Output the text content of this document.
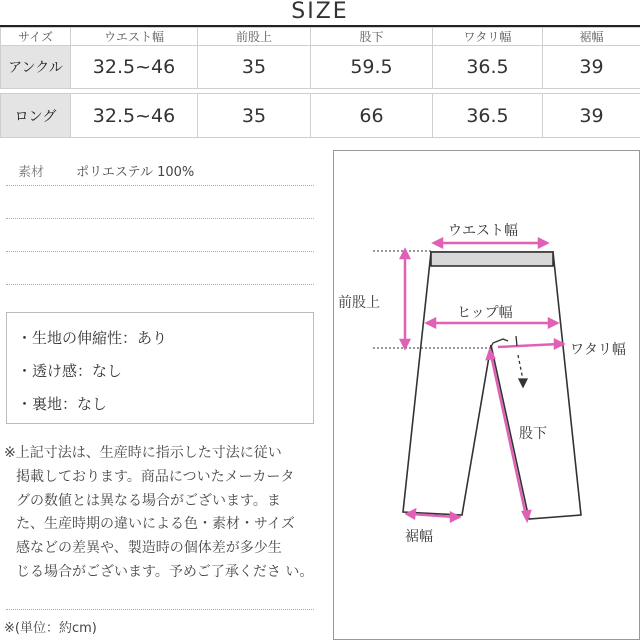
SIZE
サイズ	ウエスト幅	前股上	股下	ワタリ幅	裾幅
アンクル	32.5~46	35	59.5	36.5	39

ロング	32.5~46	35	66	36.5	39
素材 ポリエステル 100%
・生地の伸縮性：あり
・透け感：なし
・裏地：なし
※上記寸法は、生産時に指示した寸法に従い
掲載しております。商品についたメーカータ
グの数値とは異なる場合がございます。ま
た、生産時期の違いによる色・素材・サイズ
感などの差異や、製造時の個体差が多少生
じる場合がございます。予めご了承くださ い。
※(単位：約cm)
ウエスト幅
前股上
ヒップ幅
ワタリ幅
股下
裾幅
